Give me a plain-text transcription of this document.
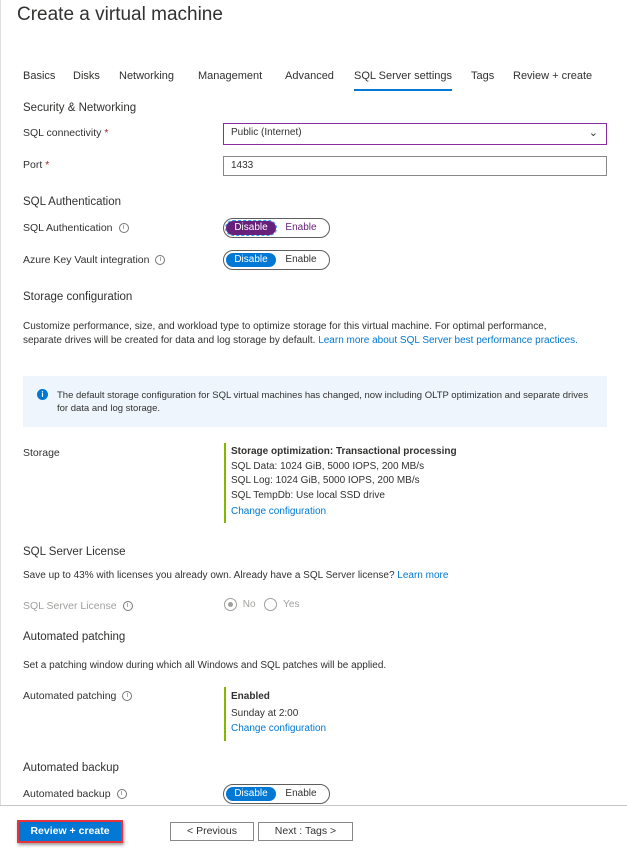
Create a virtual machine
Basics Disks Networking Management Advanced SQL Server settings Tags Review + create
Security & Networking
SQL connectivity *	Public (Internet)	⌄
Port *	1433
SQL Authentication
SQL Authentication i	Disable Enable
Azure Key Vault integration i	Disable Enable
Storage configuration
Customize performance, size, and workload type to optimize storage for this virtual machine. For optimal performance,
separate drives will be created for data and log storage by default. Learn more about SQL Server best performance practices.
i	The default storage configuration for SQL virtual machines has changed, now including OLTP optimization and separate drives
for data and log storage.
Storage	Storage optimization: Transactional processing
SQL Data: 1024 GiB, 5000 IOPS, 200 MB/s
SQL Log: 1024 GiB, 5000 IOPS, 200 MB/s
SQL TempDb: Use local SSD drive
Change configuration
SQL Server License
Save up to 43% with licenses you already own. Already have a SQL Server license? Learn more
SQL Server License i	No	Yes
Automated patching
Set a patching window during which all Windows and SQL patches will be applied.
Automated patching i	Enabled
Sunday at 2:00
Change configuration
Automated backup
Automated backup i	Disable Enable
Review + create	< Previous	Next : Tags >
